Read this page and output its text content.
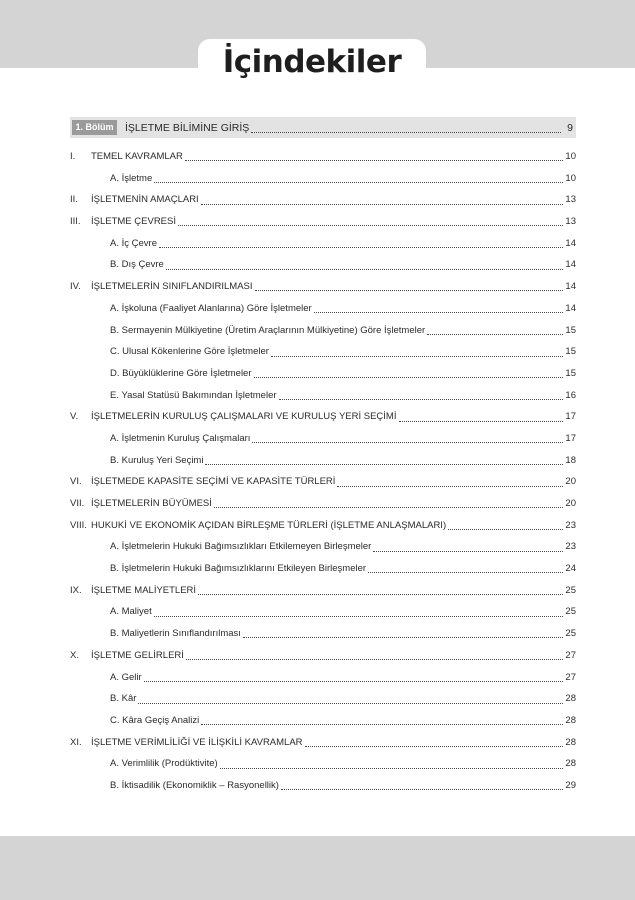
İçindekiler
1. Bölüm	İŞLETME BİLİMİNE GİRİŞ	9
I.	TEMEL KAVRAMLAR	10
A. İşletme	10
II.	İŞLETMENİN AMAÇLARI	13
III.	İŞLETME ÇEVRESİ	13
A. İç Çevre	14
B. Dış Çevre	14
IV.	İŞLETMELERİN SINIFLANDIRILMASI	14
A. İşkoluna (Faaliyet Alanlarına) Göre İşletmeler	14
B. Sermayenin Mülkiyetine (Üretim Araçlarının Mülkiyetine) Göre İşletmeler	15
C. Ulusal Kökenlerine Göre İşletmeler	15
D. Büyüklüklerine Göre İşletmeler	15
E. Yasal Statüsü Bakımından İşletmeler	16
V.	İŞLETMELERİN KURULUŞ ÇALIŞMALARI VE KURULUŞ YERİ SEÇİMİ	17
A. İşletmenin Kuruluş Çalışmaları	17
B. Kuruluş Yeri Seçimi	18
VI. İŞLETMEDE KAPASİTE SEÇİMİ VE KAPASİTE TÜRLERİ	20
VII. İŞLETMELERİN BÜYÜMESİ	20
VIII. HUKUKİ VE EKONOMİK AÇIDAN BİRLEŞME TÜRLERİ (İŞLETME ANLAŞMALARI)	23
A. İşletmelerin Hukuki Bağımsızlıkları Etkilemeyen Birleşmeler	23
B. İşletmelerin Hukuki Bağımsızlıklarını Etkileyen Birleşmeler	24
IX. İŞLETME MALİYETLERİ	25
A. Maliyet	25
B. Maliyetlerin Sınıflandırılması	25
X.	İŞLETME GELİRLERİ	27
A. Gelir	27
B. Kâr	28
C. Kâra Geçiş Analizi	28
XI. İŞLETME VERİMLİLİĞİ VE İLİŞKİLİ KAVRAMLAR	28
A. Verimlilik (Prodüktivite)	28
B. İktisadilik (Ekonomiklik – Rasyonellik)	29
